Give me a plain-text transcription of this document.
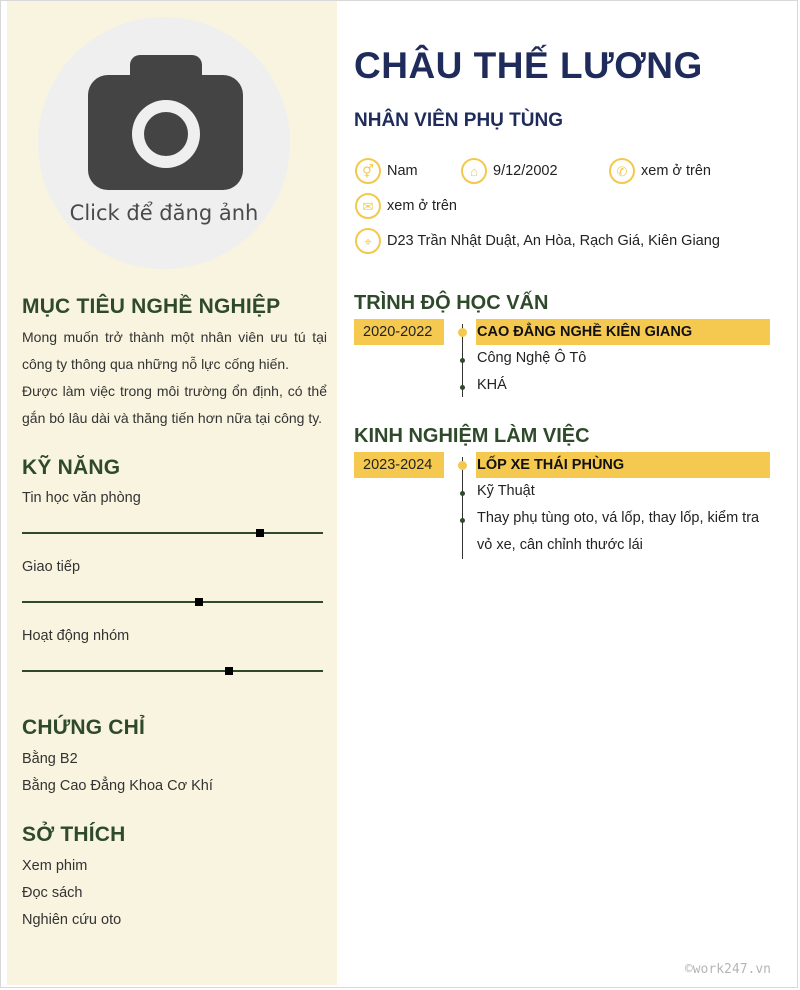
Click để đăng ảnh
MỤC TIÊU NGHỀ NGHIỆP

Mong muốn trở thành một nhân viên ưu tú tại công ty thông qua những nỗ lực cống hiến.

Được làm việc trong môi trường ổn định, có thể gắn bó lâu dài và thăng tiến hơn nữa tại công ty.

KỸ NĂNG
Tin học văn phòng
Giao tiếp
Hoạt động nhóm
CHỨNG CHỈ
Bằng B2
Bằng Cao Đẳng Khoa Cơ Khí
SỞ THÍCH
Xem phim
Đọc sách
Nghiên cứu oto
CHÂU THẾ LƯƠNG
NHÂN VIÊN PHỤ TÙNG
⚥ Nam	⌂	9/12/2002	✆ xem ở trên
✉ xem ở trên
⌖	D23 Trần Nhật Duật, An Hòa, Rạch Giá, Kiên Giang
TRÌNH ĐỘ HỌC VẤN
2020-2022	CAO ĐẲNG NGHỀ KIÊN GIANG
Công Nghệ Ô Tô
KHÁ
KINH NGHIỆM LÀM VIỆC
2023-2024	LỐP XE THÁI PHÙNG
Kỹ Thuật
Thay phụ tùng oto, vá lốp, thay lốp, kiểm tra vỏ xe, cân chỉnh thước lái
©work247.vn
